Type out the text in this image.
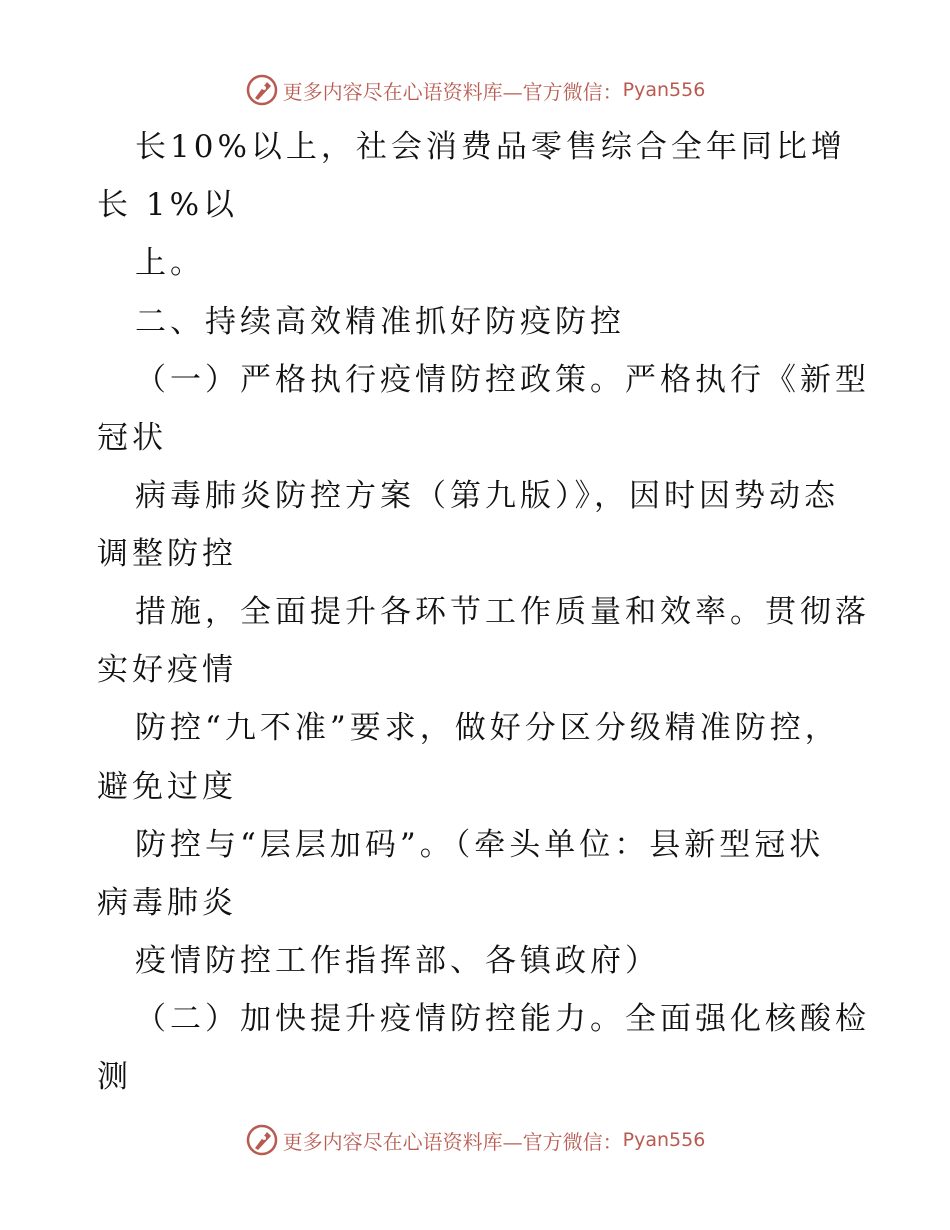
更多内容尽在心语资料库—官方微信： Pyan556
长10%以上，社会消费品零售综合全年同比增
长 1%以
上。
二、持续高效精准抓好防疫防控
（一）严格执行疫情防控政策。严格执行《新型
冠状
病毒肺炎防控方案（第九版）》，因时因势动态
调整防控
措施，全面提升各环节工作质量和效率。贯彻落
实好疫情
防控“九不准”要求，做好分区分级精准防控，
避免过度
防控与“层层加码”。（牵头单位：县新型冠状
病毒肺炎
疫情防控工作指挥部、各镇政府）
（二）加快提升疫情防控能力。全面强化核酸检
测
更多内容尽在心语资料库—官方微信： Pyan556
